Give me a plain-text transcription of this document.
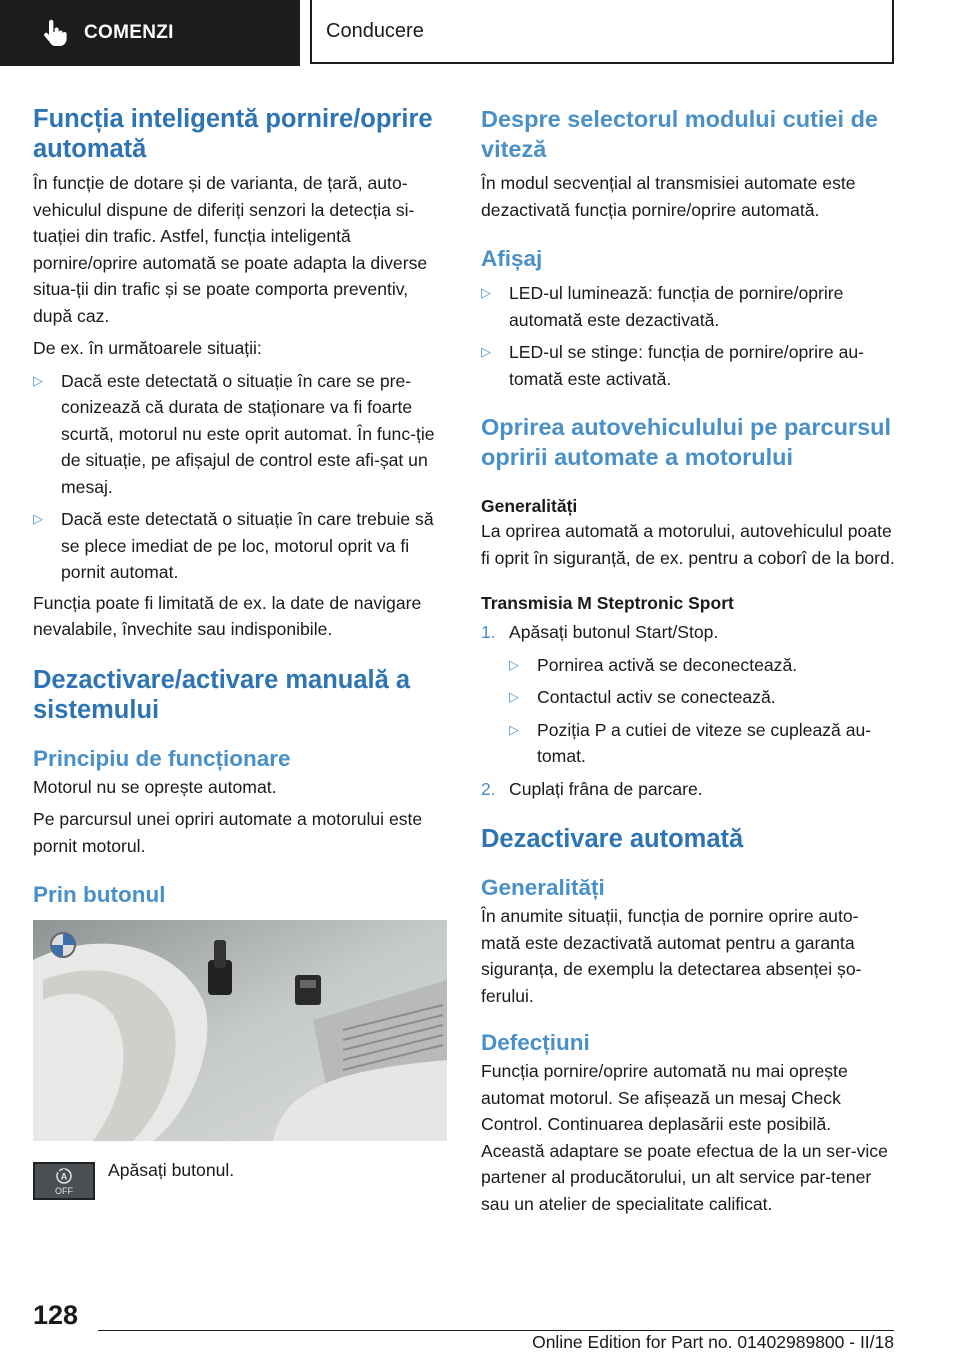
COMENZI	Conducere
Funcția inteligentă pornire/oprire automată

În funcție de dotare și de varianta, de țară, auto-vehiculul dispune de diferiți senzori la detecția si-tuației din trafic. Astfel, funcția inteligentă pornire/oprire automată se poate adapta la diverse situa-ții din trafic și se poate comporta preventiv, după caz.

De ex. în următoarele situații:

▷	Dacă este detectată o situație în care se pre-conizează că durata de staționare va fi foarte scurtă, motorul nu este oprit automat. În func-ție de situație, pe afișajul de control este afi-șat un mesaj.
▷	Dacă este detectată o situație în care trebuie să se plece imediat de pe loc, motorul oprit va fi pornit automat.

Funcția poate fi limitată de ex. la date de navigare nevalabile, învechite sau indisponibile.

Dezactivare/activare manuală a sistemului
Principiu de funcționare

Motorul nu se oprește automat.

Pe parcursul unei opriri automate a motorului este pornit motorul.

Prin butonul
A
OFF
Apăsați butonul.
Despre selectorul modului cutiei de viteză

În modul secvențial al transmisiei automate este dezactivată funcția pornire/oprire automată.

Afișaj
▷	LED-ul luminează: funcția de pornire/oprire automată este dezactivată.
▷	LED-ul se stinge: funcția de pornire/oprire au-tomată este activată.
Oprirea autovehiculului pe parcursul opririi automate a motorului
Generalități

La oprirea automată a motorului, autovehiculul poate fi oprit în siguranță, de ex. pentru a coborî de la bord.

Transmisia M Steptronic Sport
1. Apăsați butonul Start/Stop.
▷	Pornirea activă se deconectează.
▷	Contactul activ se conectează.
▷	Poziția P a cutiei de viteze se cuplează au-tomat.
2. Cuplați frâna de parcare.
Dezactivare automată
Generalități

În anumite situații, funcția de pornire oprire auto-mată este dezactivată automat pentru a garanta siguranța, de exemplu la detectarea absenței șo-ferului.

Defecțiuni

Funcția pornire/oprire automată nu mai oprește automat motorul. Se afișează un mesaj Check Control. Continuarea deplasării este posibilă. Această adaptare se poate efectua de la un ser-vice partener al producătorului, un alt service par-tener sau un atelier de specialitate calificat.

128
Online Edition for Part no. 01402989800 - II/18
